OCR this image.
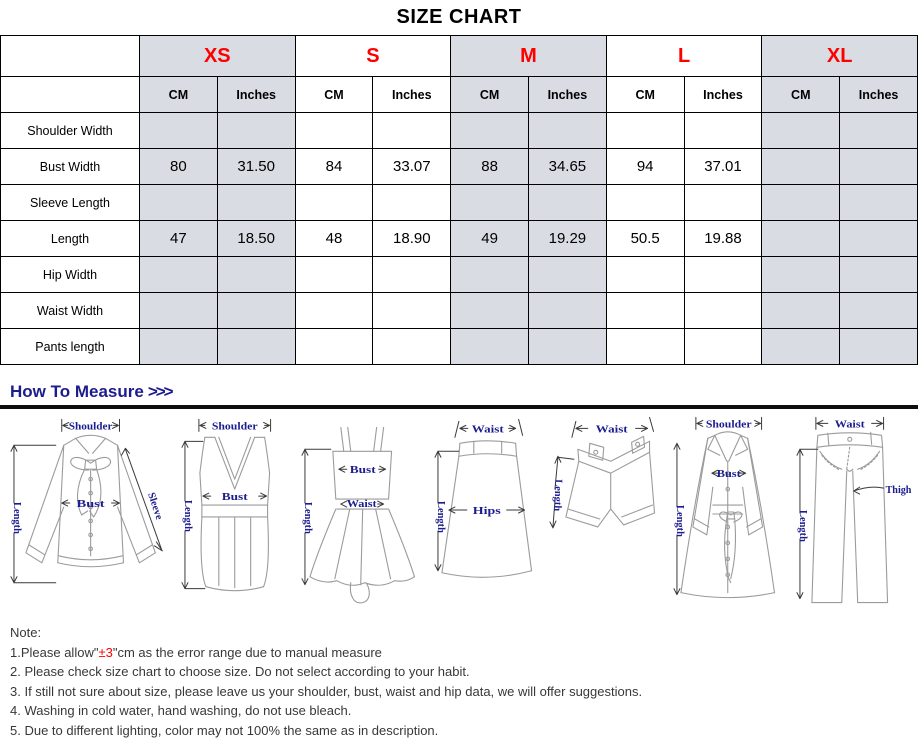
SIZE CHART
	XS		S		M		L		XL	
	CM	Inches	CM	Inches	CM	Inches	CM	Inches	CM	Inches
Shoulder Width										
Bust Width	80	31.50	84	33.07	88	34.65	94	37.01		
Sleeve Length										
Length	47	18.50	48	18.90	49	19.29	50.5	19.88		
Hip Width										
Waist Width										
Pants length										
How To Measure >>>
Shoulder
Length	Bust	Sleeve
Shoulder
Length
Bust
Length
Bust
Waist
Waist
Length	Hips
Waist
Length
Shoulder
Length
Bust
Waist
Length
Thigh
Note:
1.Please allow"±3"cm as the error range due to manual measure
2. Please check size chart to choose size. Do not select according to your habit.
3. If still not sure about size, please leave us your shoulder, bust, waist and hip data, we will offer suggestions.
4. Washing in cold water, hand washing, do not use bleach.
5. Due to different lighting, color may not 100% the same as in description.
